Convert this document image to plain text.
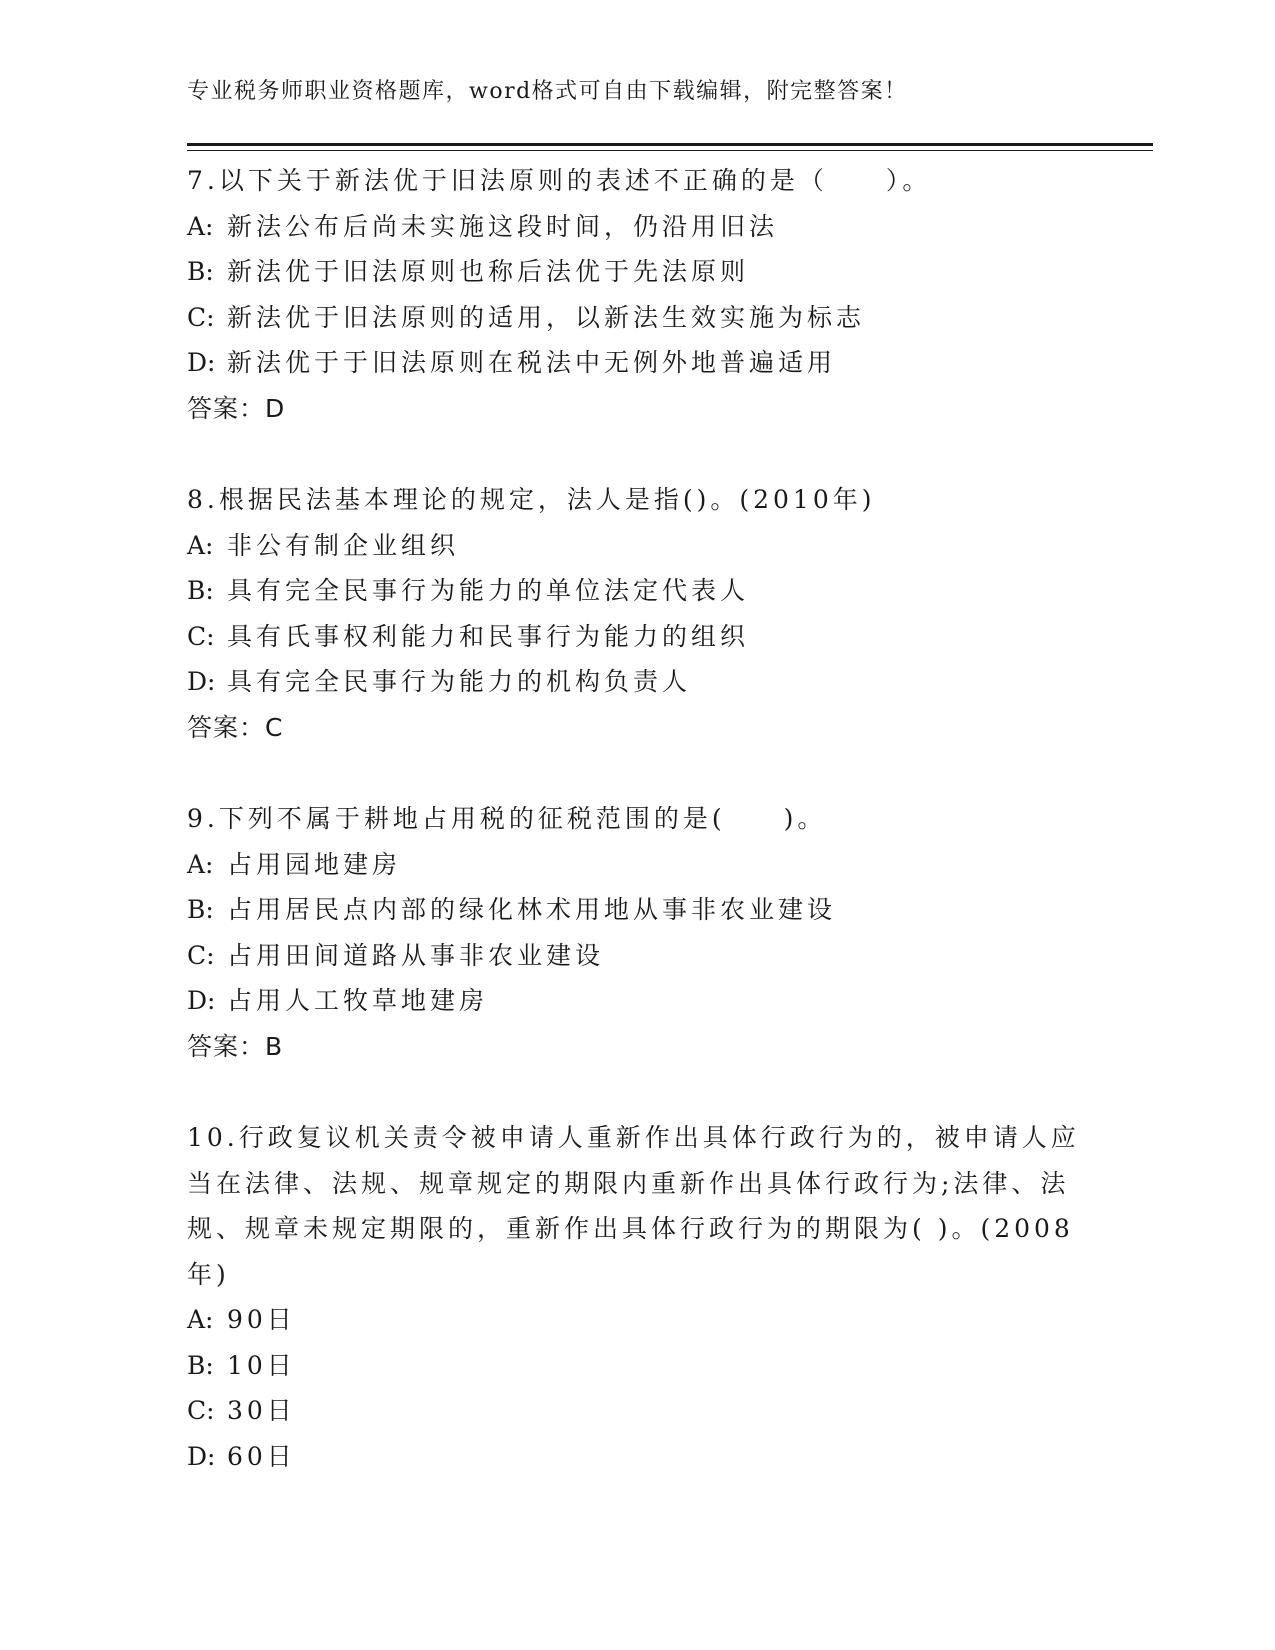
专业税务师职业资格题库，word格式可自由下载编辑，附完整答案！
7.以下关于新法优于旧法原则的表述不正确的是（　　）。
A: 新法公布后尚未实施这段时间，仍沿用旧法
B: 新法优于旧法原则也称后法优于先法原则
C: 新法优于旧法原则的适用，以新法生效实施为标志
D: 新法优于于旧法原则在税法中无例外地普遍适用
答案：D
8.根据民法基本理论的规定，法人是指()。(2010年)
A: 非公有制企业组织
B: 具有完全民事行为能力的单位法定代表人
C: 具有氏事权利能力和民事行为能力的组织
D: 具有完全民事行为能力的机构负责人
答案：C
9.下列不属于耕地占用税的征税范围的是(　　)。
A: 占用园地建房
B: 占用居民点内部的绿化林术用地从事非农业建设
C: 占用田间道路从事非农业建设
D: 占用人工牧草地建房
答案：B
10.行政复议机关责令被申请人重新作出具体行政行为的，被申请人应
当在法律、法规、规章规定的期限内重新作出具体行政行为;法律、法
规、规章未规定期限的，重新作出具体行政行为的期限为( )。(2008
年)
A: 90日
B: 10日
C: 30日
D: 60日
